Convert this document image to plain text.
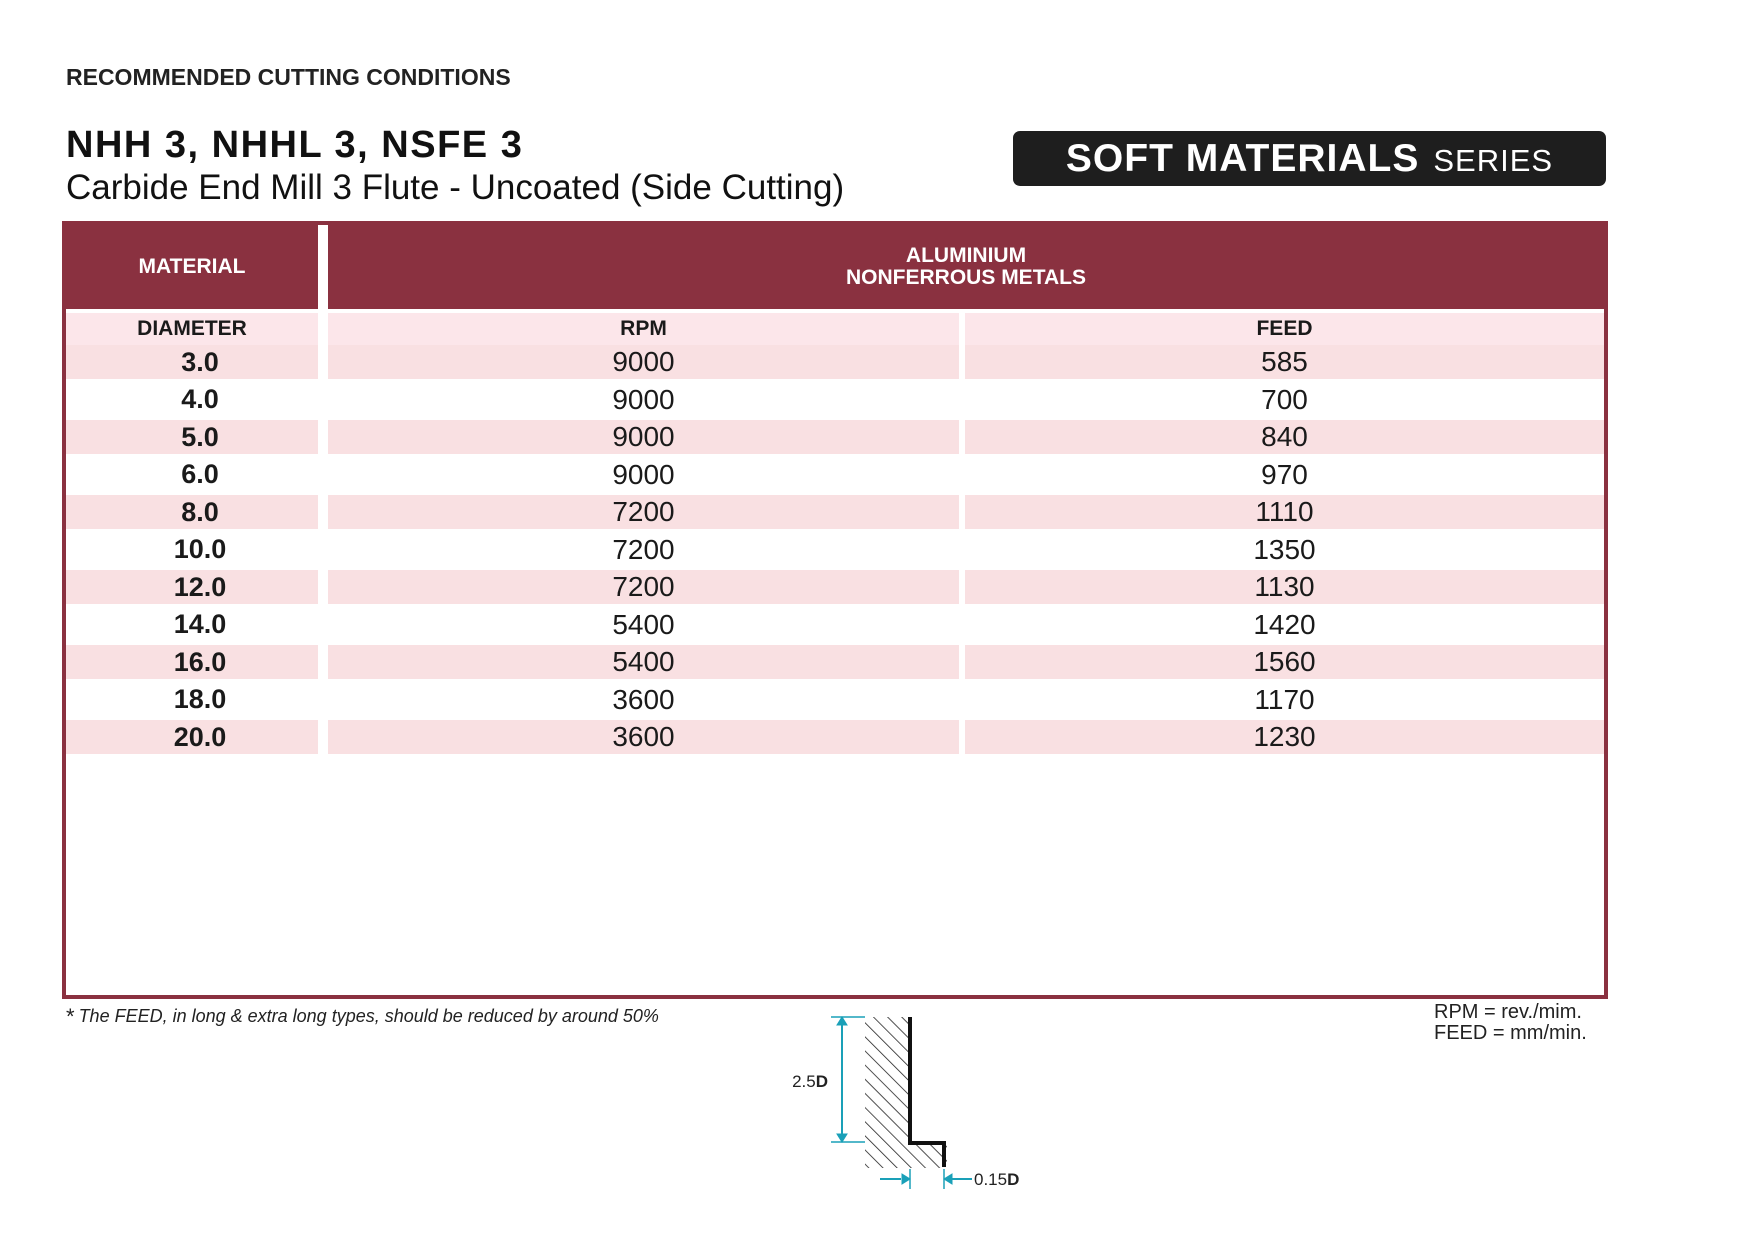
RECOMMENDED CUTTING CONDITIONS
NHH 3, NHHL 3, NSFE 3
Carbide End Mill 3 Flute - Uncoated (Side Cutting)
SOFT MATERIALS SERIES
MATERIAL	ALUMINIUM
NONFERROUS METALS
DIAMETER	RPM	FEED
3.0	9000	585
4.0	9000	700
5.0	9000	840
6.0	9000	970
8.0	7200	1110
10.0	7200	1350
12.0	7200	1130
14.0	5400	1420
16.0	5400	1560
18.0	3600	1170
20.0	3600	1230
2.5D
0.15D
* The FEED, in long & extra long types, should be reduced by around 50%	RPM = rev./mim.
FEED = mm/min.
